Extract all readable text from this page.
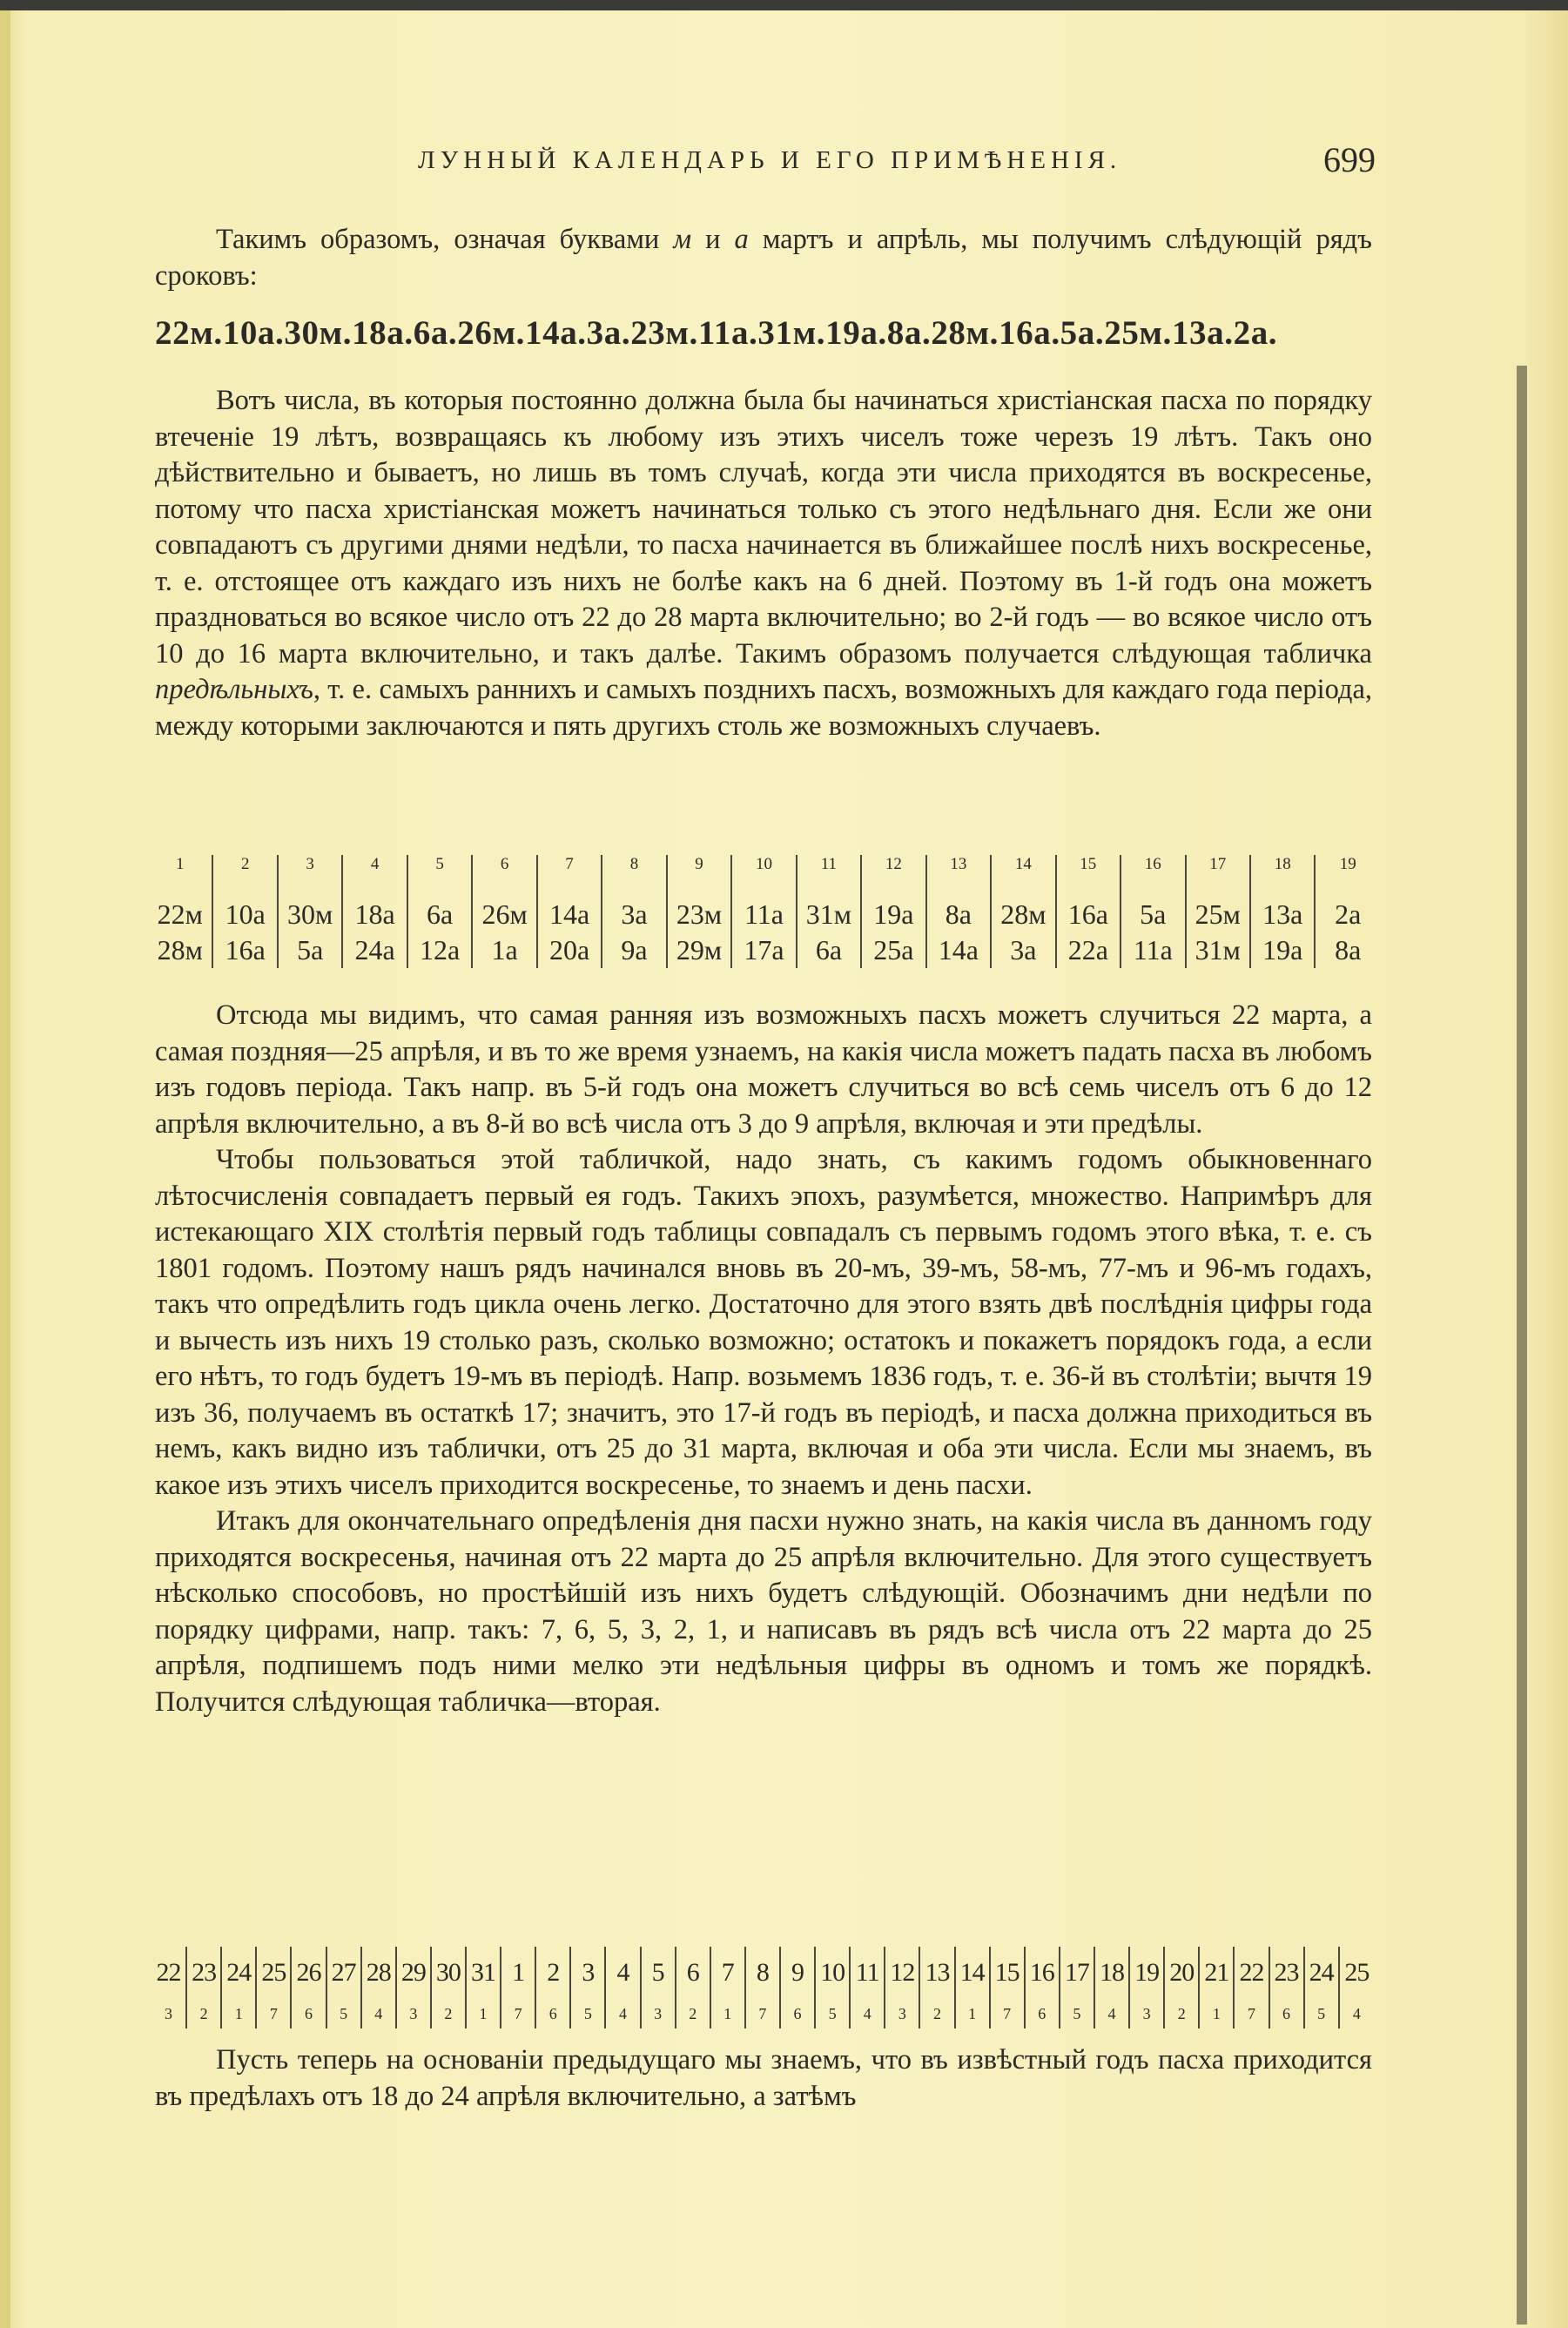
ЛУННЫЙ КАЛЕНДАРЬ И ЕГО ПРИМѢНЕНІЯ.	699

Такимъ образомъ, означая буквами м и а мартъ и апрѣль, мы получимъ слѣдующій рядъ сроковъ:

22м.10а.30м.18а.6а.26м.14а.3а.23м.11а.31м.19а.8а.28м.16а.5а.25м.13а.2а.

Вотъ числа, въ которыя постоянно должна была бы начинаться христіанская пасха по порядку втеченіе 19 лѣтъ, возвращаясь къ любому изъ этихъ чиселъ тоже черезъ 19 лѣтъ. Такъ оно дѣйствительно и бываетъ, но лишь въ томъ случаѣ, когда эти числа приходятся въ воскресенье, потому что пасха христіанская можетъ начинаться только съ этого недѣльнаго дня. Если же они совпадаютъ съ другими днями недѣли, то пасха начинается въ ближайшее послѣ нихъ воскресенье, т. е. отстоящее отъ каждаго изъ нихъ не болѣе какъ на 6 дней. Поэтому въ 1-й годъ она можетъ праздноваться во всякое число отъ 22 до 28 марта включительно; во 2-й годъ — во всякое число отъ 10 до 16 марта включительно, и такъ далѣе. Такимъ образомъ получается слѣдующая табличка предѣльныхъ, т. е. самыхъ раннихъ и самыхъ позднихъ пасхъ, возможныхъ для каждаго года періода, между которыми заключаются и пять другихъ столь же возможныхъ случаевъ.

1	2	3	4	5	6	7	8	9	10	11	12	13	14	15	16	17	18	19
22м	10а	30м	18а	6а	26м	14а	3а	23м	11а	31м	19а	8а	28м	16а	5а	25м	13а	2а
28м	16а	5а	24а	12а	1а	20а	9а	29м	17а	6а	25а	14а	3а	22а	11а	31м	19а	8а

Отсюда мы видимъ, что самая ранняя изъ возможныхъ пасхъ можетъ случиться 22 марта, а самая поздняя—25 апрѣля, и въ то же время узнаемъ, на какія числа можетъ падать пасха въ любомъ изъ годовъ періода. Такъ напр. въ 5-й годъ она можетъ случиться во всѣ семь чиселъ отъ 6 до 12 апрѣля включительно, а въ 8-й во всѣ числа отъ 3 до 9 апрѣля, включая и эти предѣлы.

Чтобы пользоваться этой табличкой, надо знать, съ какимъ годомъ обыкновеннаго лѣтосчисленія совпадаетъ первый ея годъ. Такихъ эпохъ, разумѣется, множество. Напримѣръ для истекающаго XIX столѣтія первый годъ таблицы совпадалъ съ первымъ годомъ этого вѣка, т. е. съ 1801 годомъ. Поэтому нашъ рядъ начинался вновь въ 20-мъ, 39-мъ, 58-мъ, 77-мъ и 96-мъ годахъ, такъ что опредѣлить годъ цикла очень легко. Достаточно для этого взять двѣ послѣднія цифры года и вычесть изъ нихъ 19 столько разъ, сколько возможно; остатокъ и покажетъ порядокъ года, а если его нѣтъ, то годъ будетъ 19-мъ въ періодѣ. Напр. возьмемъ 1836 годъ, т. е. 36-й въ столѣтіи; вычтя 19 изъ 36, получаемъ въ остаткѣ 17; значитъ, это 17-й годъ въ періодѣ, и пасха должна приходиться въ немъ, какъ видно изъ таблички, отъ 25 до 31 марта, включая и оба эти числа. Если мы знаемъ, въ какое изъ этихъ чиселъ приходится воскресенье, то знаемъ и день пасхи.

Итакъ для окончательнаго опредѣленія дня пасхи нужно знать, на какія числа въ данномъ году приходятся воскресенья, начиная отъ 22 марта до 25 апрѣля включительно. Для этого существуетъ нѣсколько способовъ, но простѣйшій изъ нихъ будетъ слѣдующій. Обозначимъ дни недѣли по порядку цифрами, напр. такъ: 7, 6, 5, 3, 2, 1, и написавъ въ рядъ всѣ числа отъ 22 марта до 25 апрѣля, подпишемъ подъ ними мелко эти недѣльныя цифры въ одномъ и томъ же порядкѣ. Получится слѣдующая табличка—вторая.

22	23	24	25	26	27	28	29	30	31	1	2	3	4	5	6	7	8	9	10	11	12	13	14	15	16	17	18	19	20	21	22	23	24	25
3	2	1	7	6	5	4	3	2	1	7	6	5	4	3	2	1	7	6	5	4	3	2	1	7	6	5	4	3	2	1	7	6	5	4

Пусть теперь на основаніи предыдущаго мы знаемъ, что въ извѣстный годъ пасха приходится въ предѣлахъ отъ 18 до 24 апрѣля включительно, а затѣмъ
